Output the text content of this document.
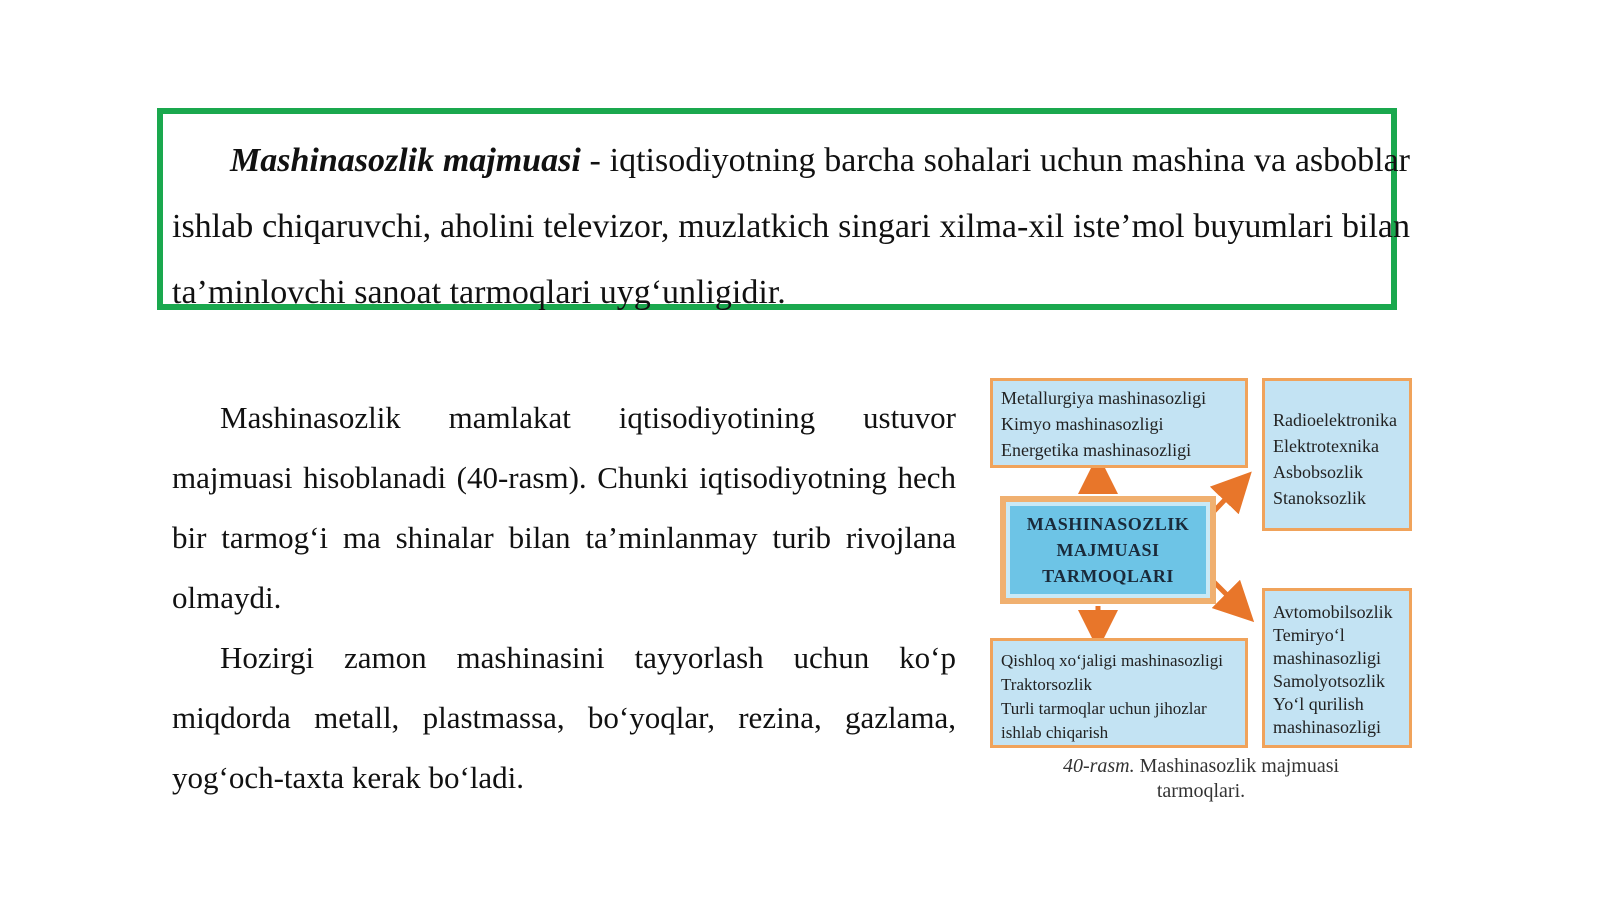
Mashinasozlik majmuasi - iqtisodiyotning barcha sohalari uchun mashina va asboblar ishlab chiqaruvchi, aholini televizor, muzlatkich singari xilma-xil iste’mol buyumlari bilan ta’minlovchi sanoat tarmoqlari uyg‘unligidir.

Mashinasozlik mamlakat iqtisodiyotining ustuvor majmuasi hisoblanadi (40-rasm). Chunki iqtisodiyotning hech bir tarmog‘i ma shinalar bilan ta’minlanmay turib rivojlana olmaydi.

Hozirgi zamon mashinasini tayyorlash uchun ko‘p miqdorda metall, plastmassa, bo‘yoqlar, rezina, gazlama, yog‘och-taxta kerak bo‘ladi.

Metallurgiya mashinasozligi
Kimyo mashinasozligi
Energetika mashinasozligi
Radioelektronika
Elektrotexnika
Asbobsozlik
Stanoksozlik
MASHINASOZLIK
MAJMUASI
TARMOQLARI
Qishloq xo‘jaligi mashinasozligi
Traktorsozlik
Turli tarmoqlar uchun jihozlar
ishlab chiqarish
Avtomobilsozlik
Temiryo‘l
mashinasozligi
Samolyotsozlik
Yo‘l qurilish
mashinasozligi
40-rasm. Mashinasozlik majmuasi
tarmoqlari.
